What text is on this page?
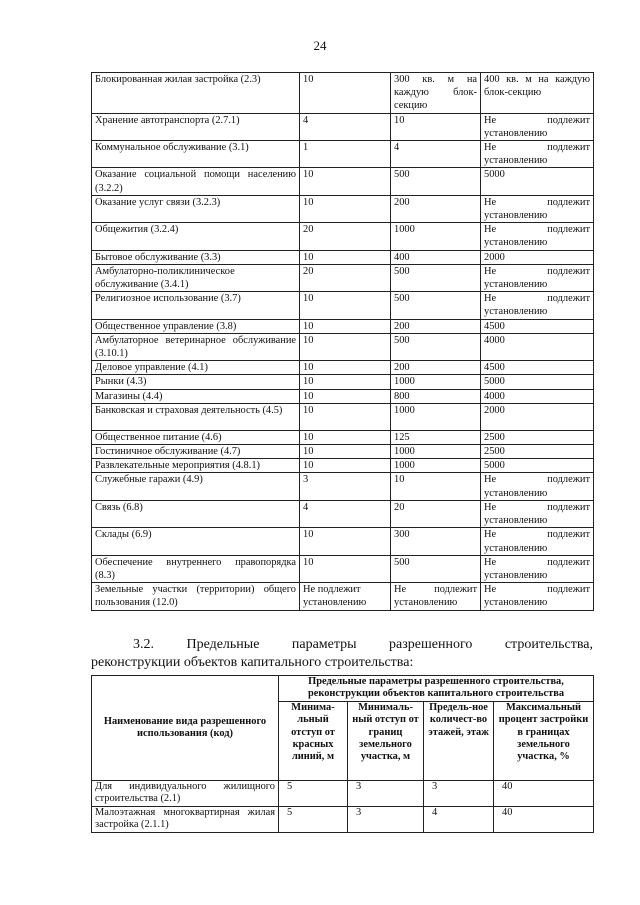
24
Блокированная жилая застройка (2.3)	10	300 кв. м на каждую блок-секцию	400 кв. м на каждую блок-секцию
Хранение автотранспорта (2.7.1)	4	10	Не подлежит установлению
Коммунальное обслуживание (3.1)	1	4	Не подлежит установлению
Оказание социальной помощи населению (3.2.2)	10	500	5000
Оказание услуг связи (3.2.3)	10	200	Не подлежит установлению
Общежития (3.2.4)	20	1000	Не подлежит установлению
Бытовое обслуживание (3.3)	10	400	2000
Амбулаторно-поликлиническое обслуживание (3.4.1)	20	500	Не подлежит установлению
Религиозное использование (3.7)	10	500	Не подлежит установлению
Общественное управление (3.8)	10	200	4500
Амбулаторное ветеринарное обслуживание (3.10.1)	10	500	4000
Деловое управление (4.1)	10	200	4500
Рынки (4.3)	10	1000	5000
Магазины (4.4)	10	800	4000
Банковская и страховая деятельность (4.5)	10	1000	2000
Общественное питание (4.6)	10	125	2500
Гостиничное обслуживание (4.7)	10	1000	2500
Развлекательные мероприятия (4.8.1)	10	1000	5000
Служебные гаражи (4.9)	3	10	Не подлежит установлению
Связь (6.8)	4	20	Не подлежит установлению
Склады (6.9)	10	300	Не подлежит установлению
Обеспечение внутреннего правопорядка (8.3)	10	500	Не подлежит установлению
Земельные участки (территории) общего пользования (12.0)	Не подлежит установлению	Не подлежит установлению	Не подлежит установлению
3.2. Предельные параметры разрешенного строительства,
реконструкции объектов капитального строительства:
Наименование вида разрешенного использования (код)	Предельные параметры разрешенного строительства, реконструкции объектов капитального строительства			
	Минима-льный отступ от красных линий, м	Минималь-ный отступ от границ земельного участка, м	Предель-ное количест-во этажей, этаж	Максимальный процент застройки в границах земельного участка, %
Для индивидуального жилищного строительства (2.1)	5	3	3	40
Малоэтажная многоквартирная жилая застройка (2.1.1)	5	3	4	40
